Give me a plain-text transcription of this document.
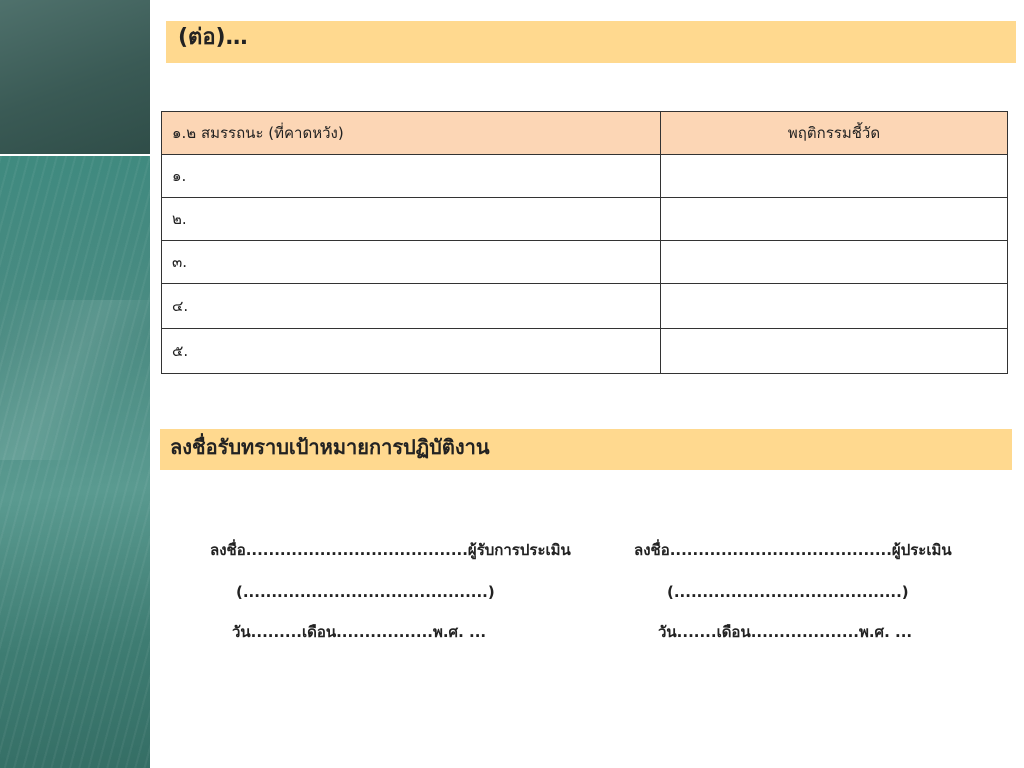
(ต่อ)…
๑.๒ สมรรถนะ (ที่คาดหวัง)	พฤติกรรมชี้วัด
๑.	
๒.	
๓.	
๔.	
๕.	
ลงชื่อรับทราบเป้าหมายการปฏิบัติงาน
ลงชื่อ.......................................ผู้รับการประเมิน
(...........................................)
วัน.........เดือน.................พ.ศ. ...
ลงชื่อ.......................................ผู้ประเมิน
(........................................)
วัน.......เดือน...................พ.ศ. ...
